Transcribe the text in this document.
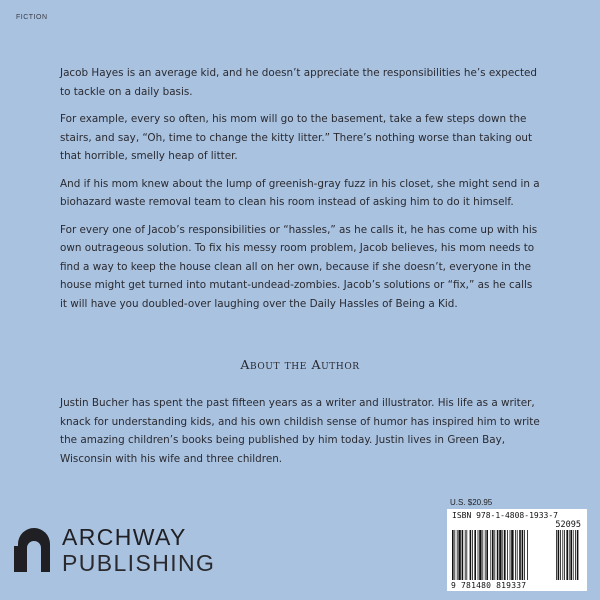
FICTION

Jacob Hayes is an average kid, and he doesn’t appreciate the responsibilities he’s expected to tackle on a daily basis.

For example, every so often, his mom will go to the basement, take a few steps down the stairs, and say, “Oh, time to change the kitty litter.” There’s nothing worse than taking out that horrible, smelly heap of litter.

And if his mom knew about the lump of greenish-gray fuzz in his closet, she might send in a biohazard waste removal team to clean his room instead of asking him to do it himself.

For every one of Jacob’s responsibilities or “hassles,” as he calls it, he has come up with his own outrageous solution. To fix his messy room problem, Jacob believes, his mom needs to find a way to keep the house clean all on her own, because if she doesn’t, everyone in the house might get turned into mutant-undead-zombies. Jacob’s solutions or “fix,” as he calls it will have you doubled-over laughing over the Daily Hassles of Being a Kid.

About the Author
Justin Bucher has spent the past fifteen years as a writer and illustrator. His life as a writer, knack for understanding kids, and his own childish sense of humor has inspired him to write the amazing children’s books being published by him today. Justin lives in Green Bay, Wisconsin with his wife and three children.
ARCHWAY
PUBLISHING
U.S. $20.95
ISBN 978-1-4808-1933-7
52095
9 781480 819337
